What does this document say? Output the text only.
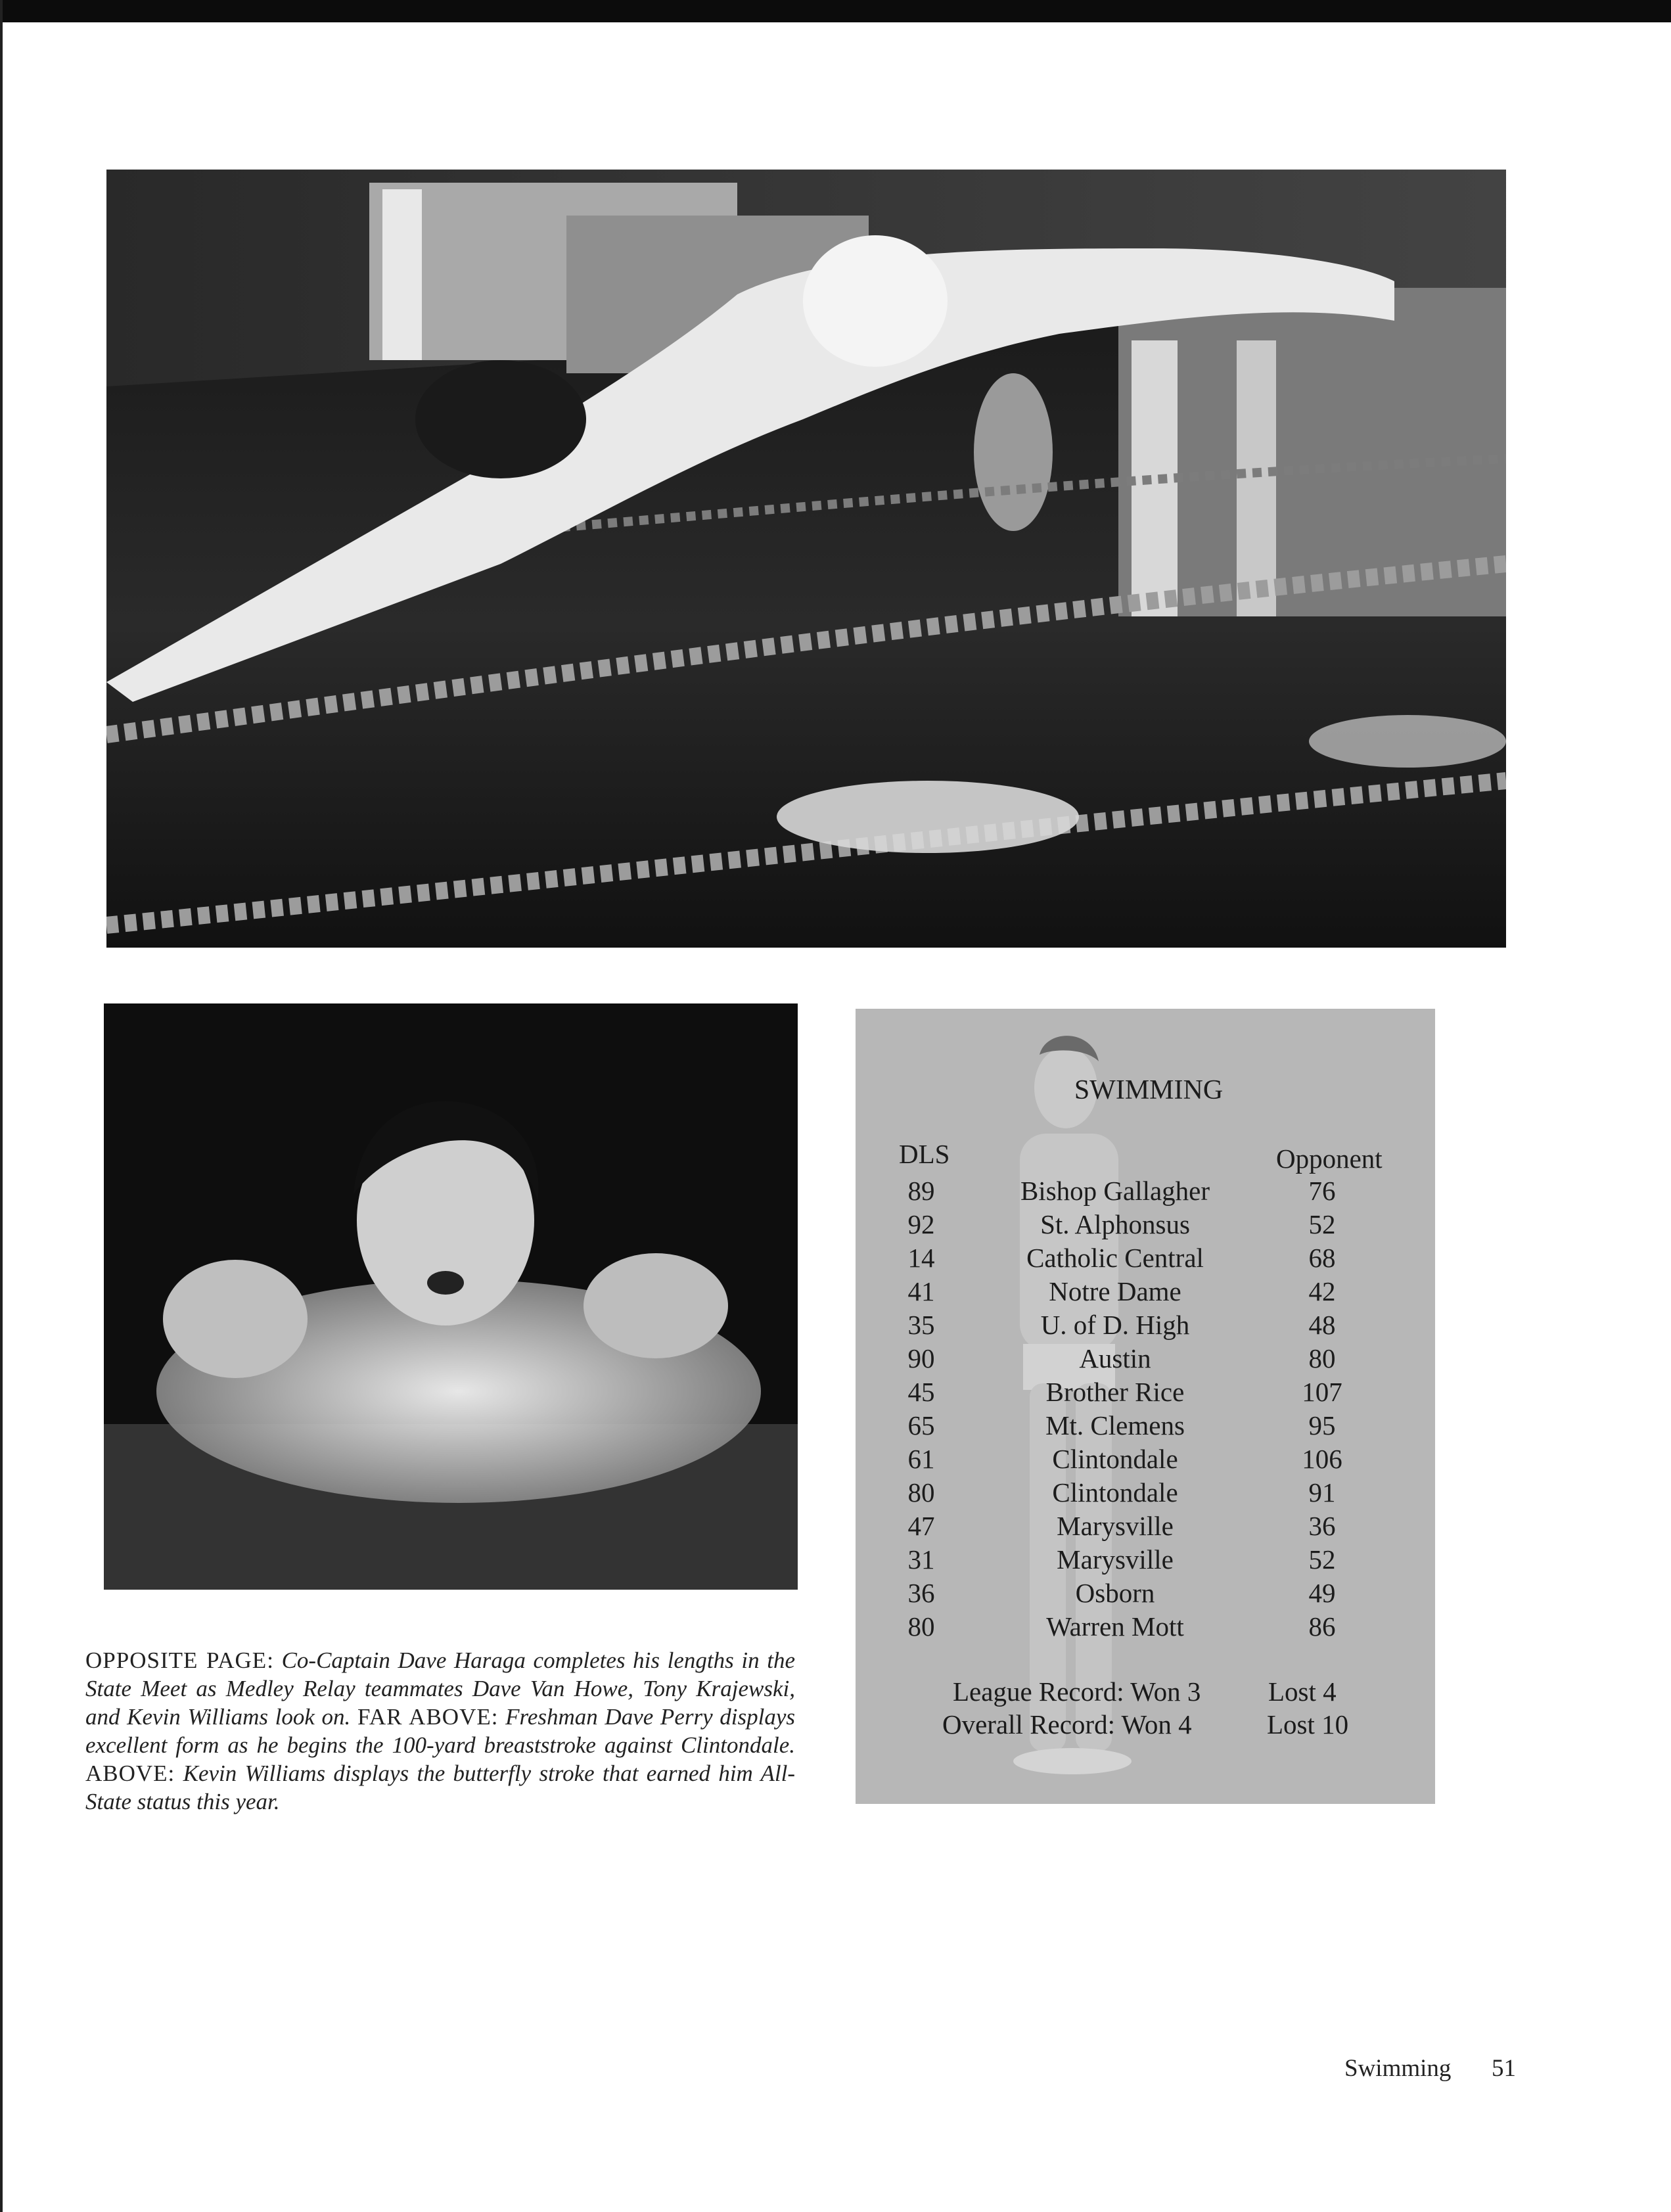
SWIMMING
DLS	Opponent
89	Bishop Gallagher	76
92	St. Alphonsus	52
14	Catholic Central	68
41	Notre Dame	42
35	U. of D. High	48
90	Austin	80
45	Brother Rice	107
65	Mt. Clemens	95
61	Clintondale	106
80	Clintondale	91
47	Marysville	36
31	Marysville	52
36	Osborn	49
80	Warren Mott	86
League Record: Won 3	Lost 4
Overall Record: Won 4	Lost 10
OPPOSITE PAGE: Co-Captain Dave Haraga completes his lengths in the State Meet as Medley Relay teammates Dave Van Howe, Tony Krajewski, and Kevin Williams look on. FAR ABOVE: Freshman Dave Perry displays excellent form as he begins the 100-yard breaststroke against Clintondale. ABOVE: Kevin Williams displays the butterfly stroke that earned him All-State status this year.
Swimming 51
